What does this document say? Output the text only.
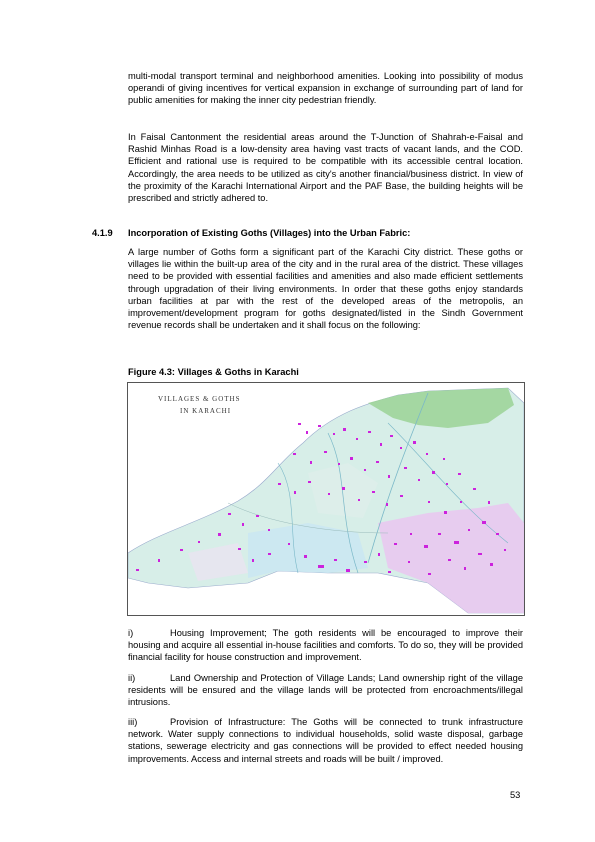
multi-modal transport terminal and neighborhood amenities. Looking into possibility of modus operandi of giving incentives for vertical expansion in exchange of surrounding part of land for public amenities for making the inner city pedestrian friendly.

In Faisal Cantonment the residential areas around the T-Junction of Shahrah-e-Faisal and Rashid Minhas Road is a low-density area having vast tracts of vacant lands, and the COD. Efficient and rational use is required to be compatible with its accessible central location. Accordingly, the area needs to be utilized as city's another financial/business district. In view of the proximity of the Karachi International Airport and the PAF Base, the building heights will be prescribed and strictly adhered to.

4.1.9 Incorporation of Existing Goths (Villages) into the Urban Fabric:

A large number of Goths form a significant part of the Karachi City district. These goths or villages lie within the built-up area of the city and in the rural area of the district. These villages need to be provided with essential facilities and amenities and also made efficient settlements through upgradation of their living environments. In order that these goths enjoy standards urban facilities at par with the rest of the developed areas of the metropolis, an improvement/development program for goths designated/listed in the Sindh Government revenue records shall be undertaken and it shall focus on the following:

Figure 4.3: Villages & Goths in Karachi
VILLAGES & GOTHS
IN KARACHI

i)	Housing Improvement; The goth residents will be encouraged to improve their housing and acquire all essential in-house facilities and comforts. To do so, they will be provided financial facility for house construction and improvement.

ii)	Land Ownership and Protection of Village Lands; Land ownership right of the village residents will be ensured and the village lands will be protected from encroachments/illegal intrusions.

iii)	Provision of Infrastructure: The Goths will be connected to trunk infrastructure network. Water supply connections to individual households, solid waste disposal, garbage stations, sewerage electricity and gas connections will be provided to effect needed housing improvements. Access and internal streets and roads will be built / improved.

53
